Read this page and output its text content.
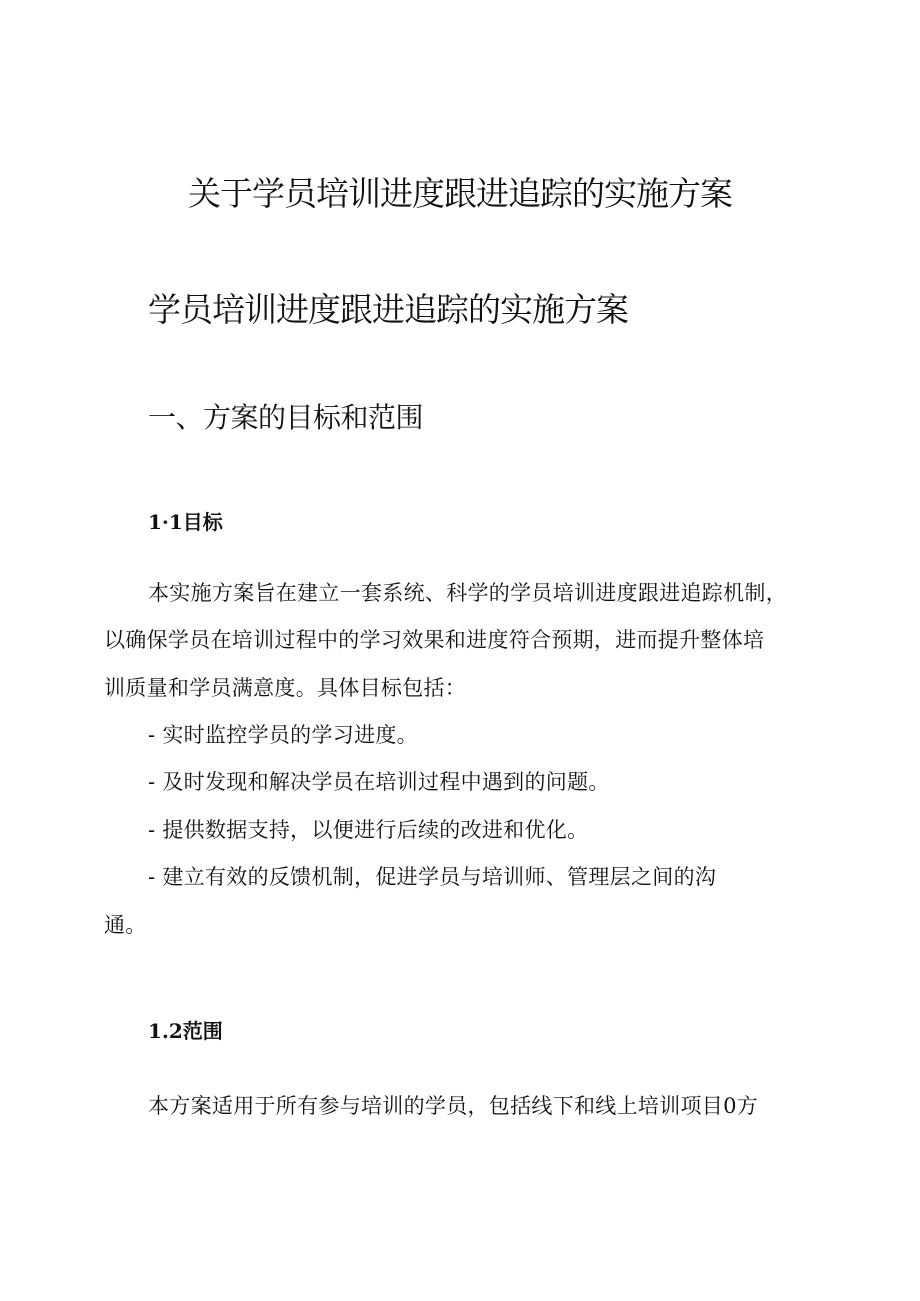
关于学员培训进度跟进追踪的实施方案
学员培训进度跟进追踪的实施方案
一、方案的目标和范围
1·1目标
本实施方案旨在建立一套系统、科学的学员培训进度跟进追踪机制，
以确保学员在培训过程中的学习效果和进度符合预期，进而提升整体培
训质量和学员满意度。具体目标包括：
- 实时监控学员的学习进度。
- 及时发现和解决学员在培训过程中遇到的问题。
- 提供数据支持，以便进行后续的改进和优化。
- 建立有效的反馈机制，促进学员与培训师、管理层之间的沟
通。
1.2范围
本方案适用于所有参与培训的学员，包括线下和线上培训项目0方
